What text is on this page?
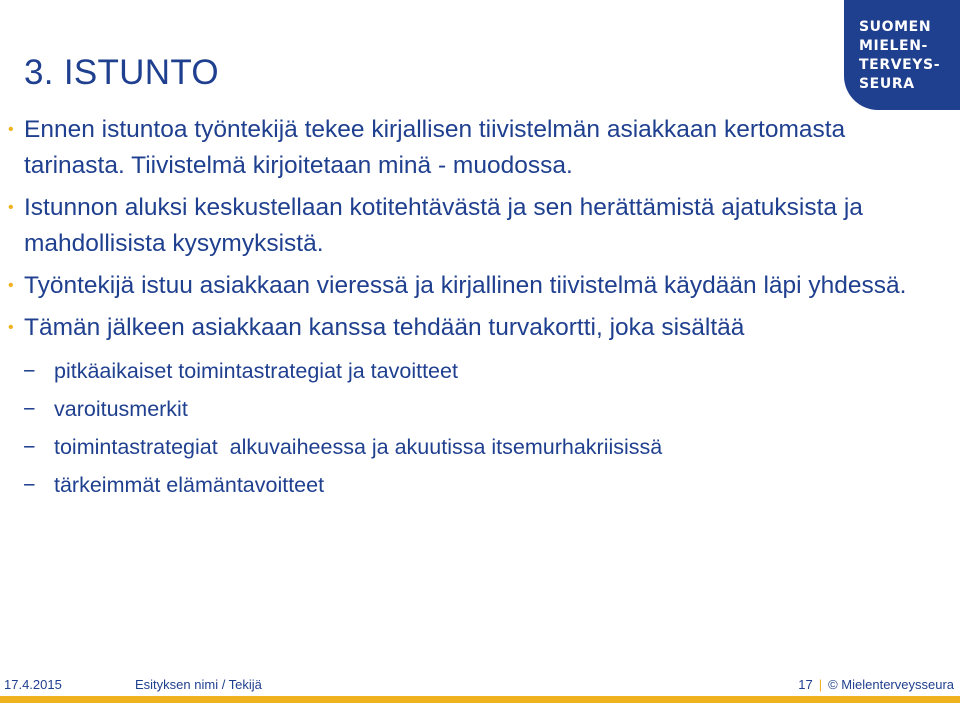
SUOMEN
MIELEN-
TERVEYS-
SEURA
3. ISTUNTO
• Ennen istuntoa työntekijä tekee kirjallisen tiivistelmän asiakkaan kertomasta tarinasta. Tiivistelmä kirjoitetaan minä - muodossa.
• Istunnon aluksi keskustellaan kotitehtävästä ja sen herättämistä ajatuksista ja mahdollisista kysymyksistä.
• Työntekijä istuu asiakkaan vieressä ja kirjallinen tiivistelmä käydään läpi yhdessä.
• Tämän jälkeen asiakkaan kanssa tehdään turvakortti, joka sisältää
− pitkäaikaiset toimintastrategiat ja tavoitteet
− varoitusmerkit
− toimintastrategiat  alkuvaiheessa ja akuutissa itsemurhakriisissä
− tärkeimmät elämäntavoitteet
17.4.2015	Esityksen nimi / Tekijä	17 | © Mielenterveysseura
